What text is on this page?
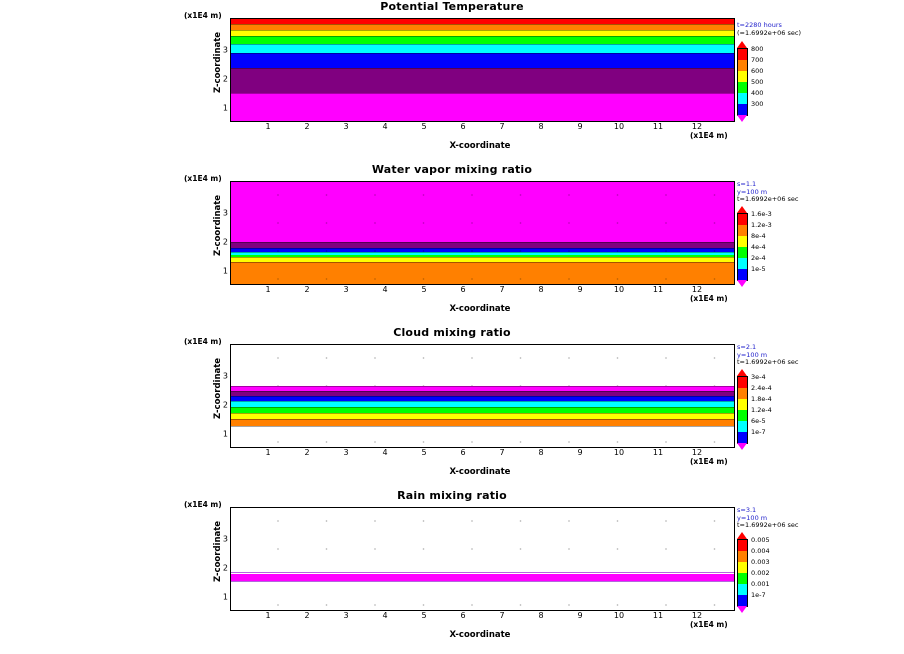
Potential Temperature
(x1E4 m)
Z-coordinate
1
2
3
1	2	3	4	5	6	7	8	9	10	11	12
(x1E4 m)
X-coordinate
t=2280 hours
(=1.6992e+06 sec)
800
700
600
500
400
300
Water vapor mixing ratio
(x1E4 m)
Z-coordinate
1
2
3
1	2	3	4	5	6	7	8	9	10	11	12
(x1E4 m)
X-coordinate
s=1.1
y=100 m
t=1.6992e+06 sec
1.6e-3
1.2e-3
8e-4
4e-4
2e-4
1e-5
Cloud mixing ratio
(x1E4 m)
Z-coordinate
1
2
3
1	2	3	4	5	6	7	8	9	10	11	12
(x1E4 m)
X-coordinate
s=2.1
y=100 m
t=1.6992e+06 sec
3e-4
2.4e-4
1.8e-4
1.2e-4
6e-5
1e-7
Rain mixing ratio
(x1E4 m)
Z-coordinate
1
2
3
1	2	3	4	5	6	7	8	9	10	11	12
(x1E4 m)
X-coordinate
s=3.1
y=100 m
t=1.6992e+06 sec
0.005
0.004
0.003
0.002
0.001
1e-7
